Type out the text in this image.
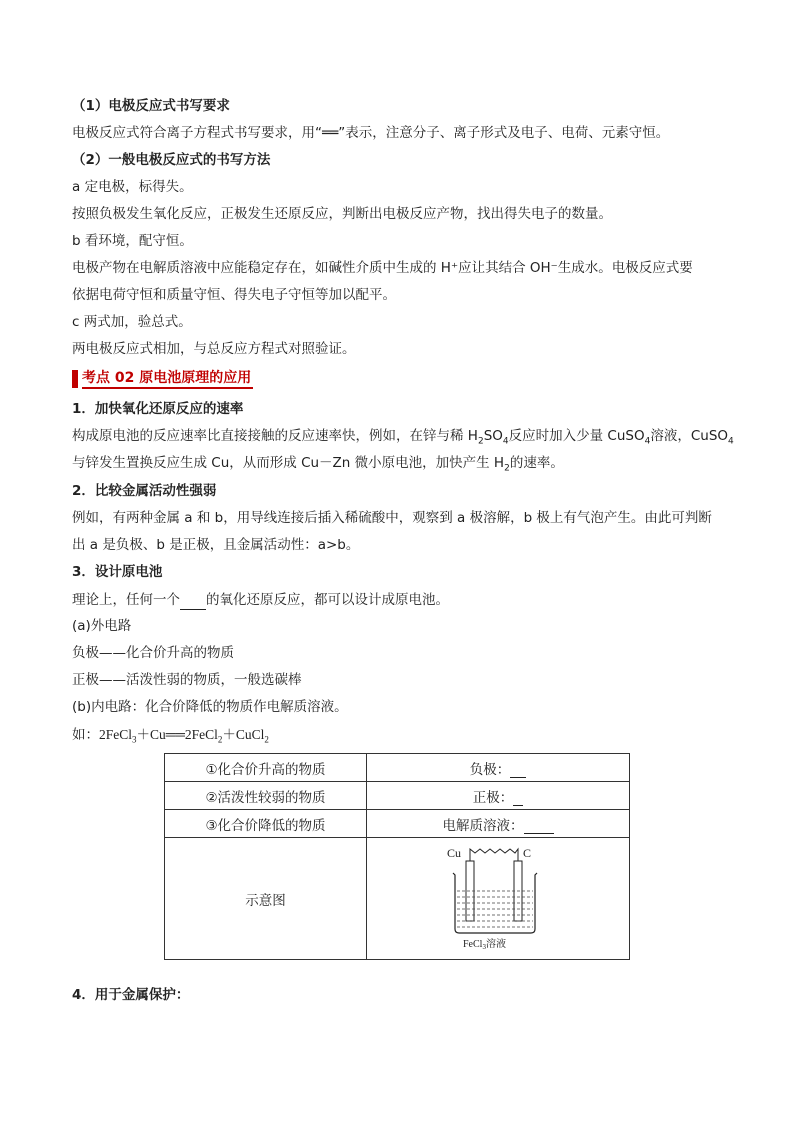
（1）电极反应式书写要求
电极反应式符合离子方程式书写要求，用“══”表示，注意分子、离子形式及电子、电荷、元素守恒。
（2）一般电极反应式的书写方法
a 定电极，标得失。
按照负极发生氧化反应，正极发生还原反应，判断出电极反应产物，找出得失电子的数量。
b 看环境，配守恒。
电极产物在电解质溶液中应能稳定存在，如碱性介质中生成的 H⁺应让其结合 OH⁻生成水。电极反应式要
依据电荷守恒和质量守恒、得失电子守恒等加以配平。
c 两式加，验总式。
两电极反应式相加，与总反应方程式对照验证。
考点 02 原电池原理的应用
1．加快氧化还原反应的速率
构成原电池的反应速率比直接接触的反应速率快，例如，在锌与稀 $H_2SO_4$反应时加入少量 CuSO$_4$溶液，CuSO$_4$
与锌发生置换反应生成 Cu，从而形成 Cu－Zn 微小原电池，加快产生 $H_2$的速率。
2．比较金属活动性强弱
例如，有两种金属 a 和 b，用导线连接后插入稀硫酸中，观察到 a 极溶解，b 极上有气泡产生。由此可判断
出 a 是负极、b 是正极，且金属活动性：a>b。
3．设计原电池
理论上，任何一个 的氧化还原反应，都可以设计成原电池。
(a)外电路
负极——化合价升高的物质
正极——活泼性弱的物质，一般选碳棒
(b)内电路：化合价降低的物质作电解质溶液。
如：2FeCl$_3$＋Cu══2FeCl$_2$＋CuCl$_2$
①化合价升高的物质	负极：
②活泼性较弱的物质	正极：
③化合价降低的物质	电解质溶液：
示意图	Cu C
FeCl$_3$溶液
4．用于金属保护：
